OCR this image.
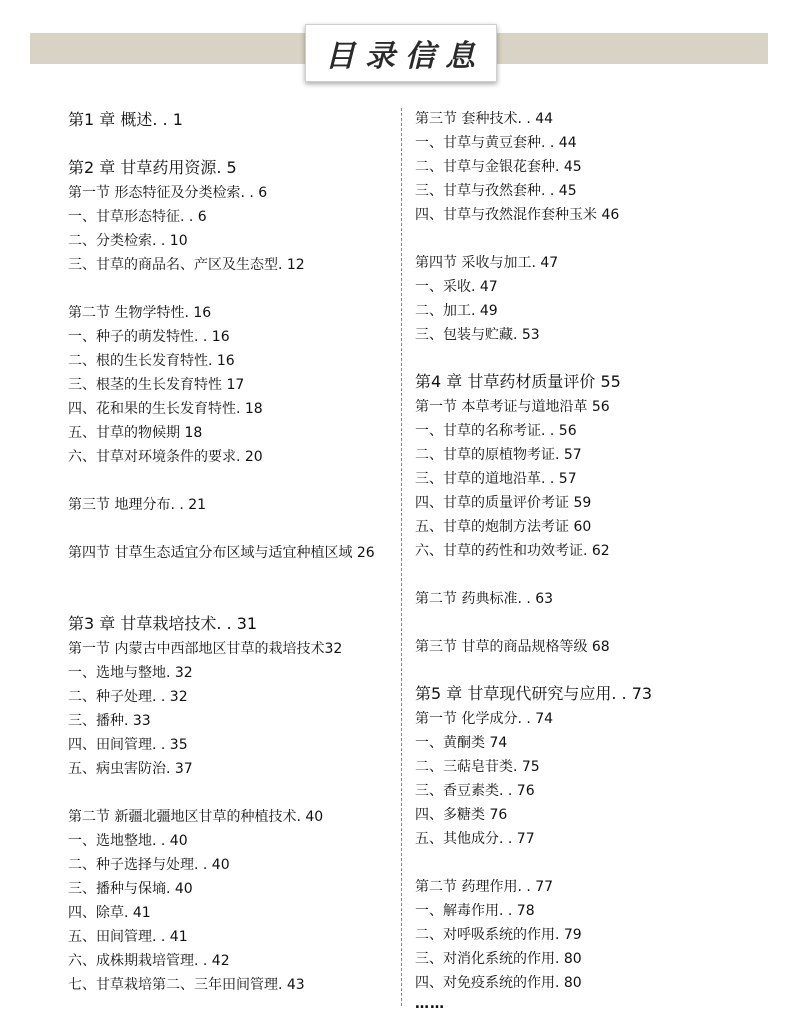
目录信息
第1 章 概述. . 1
第2 章 甘草药用资源. 5
第一节 形态特征及分类检索. . 6
一、甘草形态特征. . 6
二、分类检索. . 10
三、甘草的商品名、产区及生态型. 12
第二节 生物学特性. 16
一、种子的萌发特性. . 16
二、根的生长发育特性. 16
三、根茎的生长发育特性 17
四、花和果的生长发育特性. 18
五、甘草的物候期 18
六、甘草对环境条件的要求. 20
第三节 地理分布. . 21
第四节 甘草生态适宜分布区域与适宜种植区域 26
第3 章 甘草栽培技术. . 31
第一节 内蒙古中西部地区甘草的栽培技术32
一、选地与整地. 32
二、种子处理. . 32
三、播种. 33
四、田间管理. . 35
五、病虫害防治. 37
第二节 新疆北疆地区甘草的种植技术. 40
一、选地整地. . 40
二、种子选择与处理. . 40
三、播种与保墒. 40
四、除草. 41
五、田间管理. . 41
六、成株期栽培管理. . 42
七、甘草栽培第二、三年田间管理. 43
第三节 套种技术. . 44
一、甘草与黄豆套种. . 44
二、甘草与金银花套种. 45
三、甘草与孜然套种. . 45
四、甘草与孜然混作套种玉米 46
第四节 采收与加工. 47
一、采收. 47
二、加工. 49
三、包装与贮藏. 53
第4 章 甘草药材质量评价 55
第一节 本草考证与道地沿革 56
一、甘草的名称考证. . 56
二、甘草的原植物考证. 57
三、甘草的道地沿革. . 57
四、甘草的质量评价考证 59
五、甘草的炮制方法考证 60
六、甘草的药性和功效考证. 62
第二节 药典标准. . 63
第三节 甘草的商品规格等级 68
第5 章 甘草现代研究与应用. . 73
第一节 化学成分. . 74
一、黄酮类 74
二、三萜皂苷类. 75
三、香豆素类. . 76
四、多糖类 76
五、其他成分. . 77
第二节 药理作用. . 77
一、解毒作用. . 78
二、对呼吸系统的作用. 79
三、对消化系统的作用. 80
四、对免疫系统的作用. 80
……
